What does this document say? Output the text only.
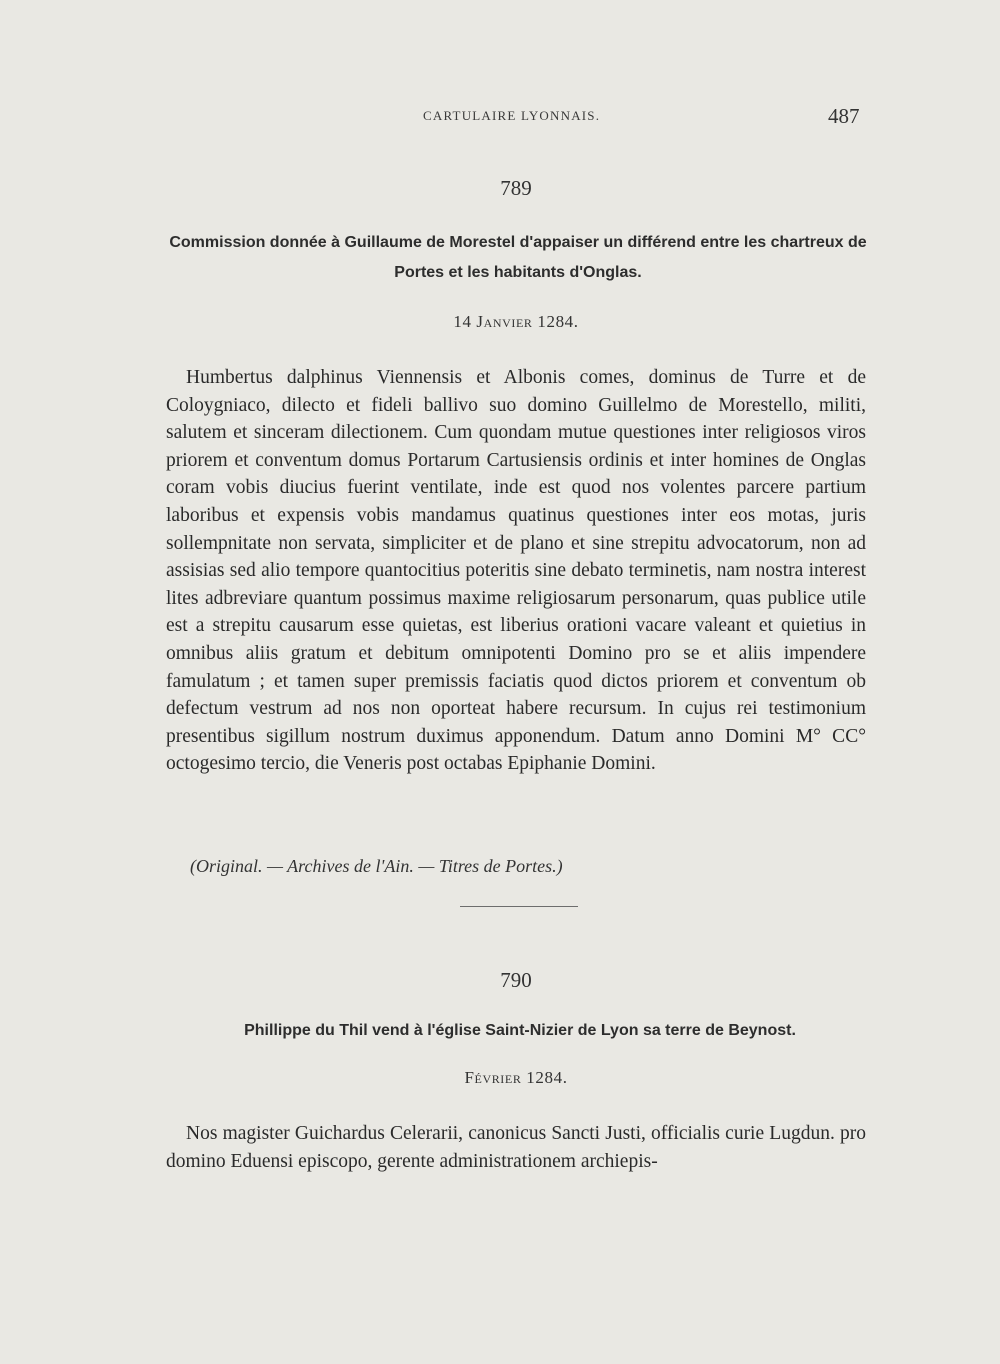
CARTULAIRE LYONNAIS.	487
789
Commission donnée à Guillaume de Morestel d'appaiser un différend entre les chartreux de Portes et les habitants d'Onglas.
14 Janvier 1284.

Humbertus dalphinus Viennensis et Albonis comes, dominus de Turre et de Coloygniaco, dilecto et fideli ballivo suo domino Guillelmo de Morestello, militi, salutem et sinceram dilectionem. Cum quondam mutue questiones inter religiosos viros priorem et conventum domus Portarum Cartusiensis ordinis et inter homines de Onglas coram vobis diucius fuerint ventilate, inde est quod nos volentes parcere partium laboribus et expensis vobis mandamus quatinus questiones inter eos motas, juris sollempnitate non servata, simpliciter et de plano et sine strepitu advocatorum, non ad assisias sed alio tempore quantocitius poteritis sine debato terminetis, nam nostra interest lites adbreviare quantum possimus maxime religiosarum personarum, quas publice utile est a strepitu causarum esse quietas, est liberius orationi vacare valeant et quietius in omnibus aliis gratum et debitum omnipotenti Domino pro se et aliis impendere famulatum ; et tamen super premissis faciatis quod dictos priorem et conventum ob defectum vestrum ad nos non oporteat habere recursum. In cujus rei testimonium presentibus sigillum nostrum duximus apponendum. Datum anno Domini M° CC° octogesimo tercio, die Veneris post octabas Epiphanie Domini.

(Original. — Archives de l'Ain. — Titres de Portes.)
790
Phillippe du Thil vend à l'église Saint-Nizier de Lyon sa terre de Beynost.
Février 1284.

Nos magister Guichardus Celerarii, canonicus Sancti Justi, officialis curie Lugdun. pro domino Eduensi episcopo, gerente administrationem archiepis-
